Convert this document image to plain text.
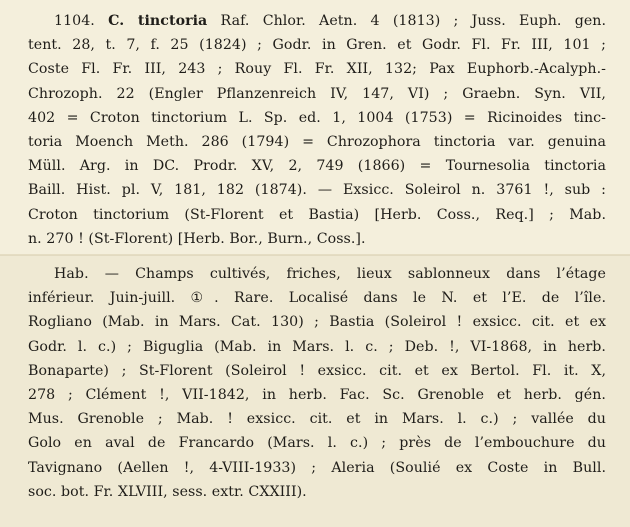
1104. C. tinctoria Raf. Chlor. Aetn. 4 (1813) ; Juss. Euph. gen.
tent. 28, t. 7, f. 25 (1824) ; Godr. in Gren. et Godr. Fl. Fr. III, 101 ;
Coste Fl. Fr. III, 243 ; Rouy Fl. Fr. XII, 132; Pax Euphorb.-Acalyph.-
Chrozoph. 22 (Engler Pflanzenreich IV, 147, VI) ; Graebn. Syn. VII,
402 = Croton tinctorium L. Sp. ed. 1, 1004 (1753) = Ricinoides tinc-
toria Moench Meth. 286 (1794) = Chrozophora tinctoria var. genuina
Müll. Arg. in DC. Prodr. XV, 2, 749 (1866) = Tournesolia tinctoria
Baill. Hist. pl. V, 181, 182 (1874). — Exsicc. Soleirol n. 3761 !, sub :
Croton tinctorium (St-Florent et Bastia) [Herb. Coss., Req.] ; Mab.
n. 270 ! (St-Florent) [Herb. Bor., Burn., Coss.].
Hab. — Champs cultivés, friches, lieux sablonneux dans l’étage
inférieur. Juin-juill. ①. Rare. Localisé dans le N. et l’E. de l’île.
Rogliano (Mab. in Mars. Cat. 130) ; Bastia (Soleirol ! exsicc. cit. et ex
Godr. l. c.) ; Biguglia (Mab. in Mars. l. c. ; Deb. !, VI-1868, in herb.
Bonaparte) ; St-Florent (Soleirol ! exsicc. cit. et ex Bertol. Fl. it. X,
278 ; Clément !, VII-1842, in herb. Fac. Sc. Grenoble et herb. gén.
Mus. Grenoble ; Mab. ! exsicc. cit. et in Mars. l. c.) ; vallée du
Golo en aval de Francardo (Mars. l. c.) ; près de l’embouchure du
Tavignano (Aellen !, 4-VIII-1933) ; Aleria (Soulié ex Coste in Bull.
soc. bot. Fr. XLVIII, sess. extr. CXXIII).
